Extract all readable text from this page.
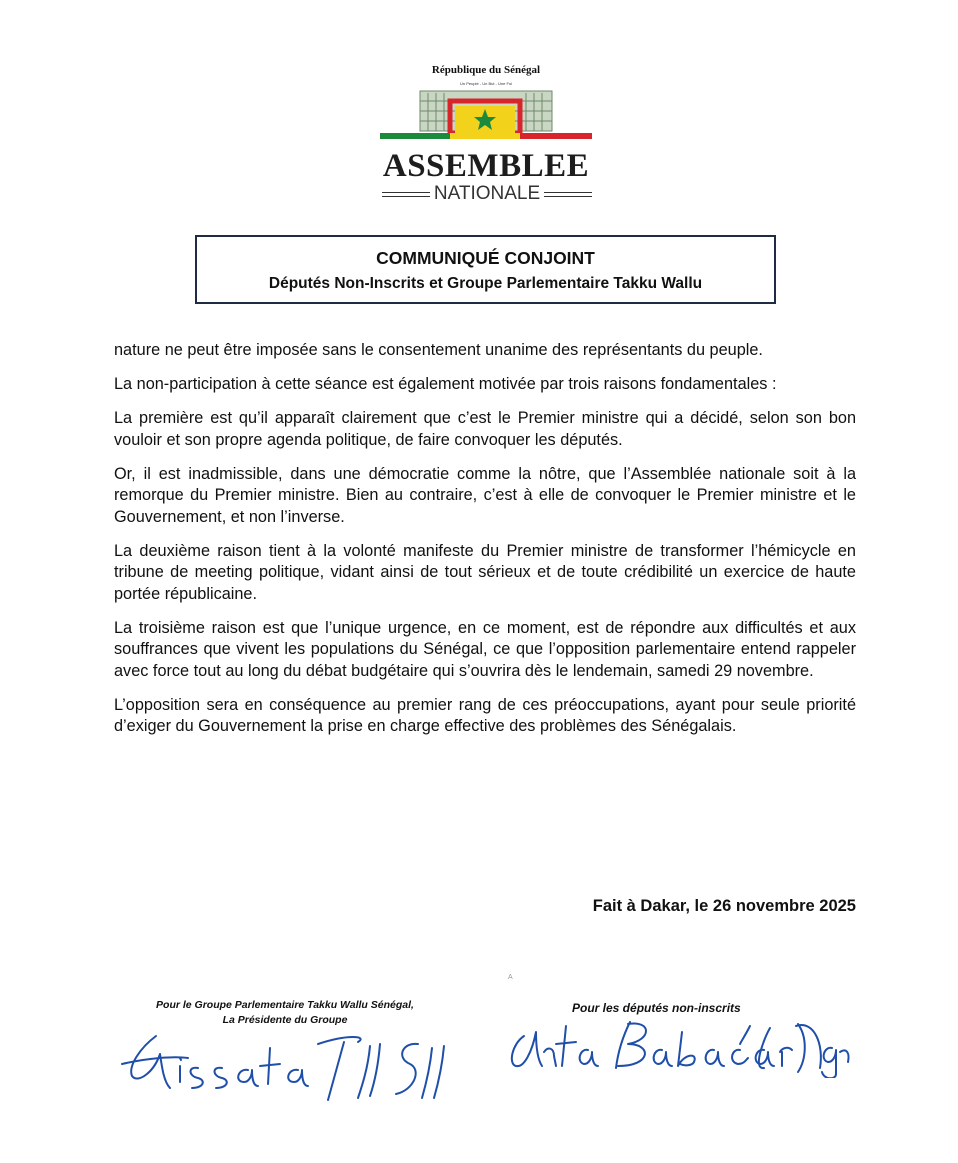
République du Sénégal
Un Peuple - Un But - Une Foi
ASSEMBLEE
NATIONALE
COMMUNIQUÉ CONJOINT
Députés Non-Inscrits et Groupe Parlementaire Takku Wallu

nature ne peut être imposée sans le consentement unanime des représentants du peuple.

La non-participation à cette séance est également motivée par trois raisons fondamentales :

La première est qu’il apparaît clairement que c’est le Premier ministre qui a décidé, selon son bon vouloir et son propre agenda politique, de faire convoquer les députés.

Or, il est inadmissible, dans une démocratie comme la nôtre, que l’Assemblée nationale soit à la remorque du Premier ministre. Bien au contraire, c’est à elle de convoquer le Premier ministre et le Gouvernement, et non l’inverse.

La deuxième raison tient à la volonté manifeste du Premier ministre de transformer l’hémicycle en tribune de meeting politique, vidant ainsi de tout sérieux et de toute crédibilité un exercice de haute portée républicaine.

La troisième raison est que l’unique urgence, en ce moment, est de répondre aux difficultés et aux souffrances que vivent les populations du Sénégal, ce que l’opposition parlementaire entend rappeler avec force tout au long du débat budgétaire qui s’ouvrira dès le lendemain, samedi 29 novembre.

L’opposition sera en conséquence au premier rang de ces préoccupations, ayant pour seule priorité d’exiger du Gouvernement la prise en charge effective des problèmes des Sénégalais.

Fait à Dakar, le 26 novembre 2025
A
Pour le Groupe Parlementaire Takku Wallu Sénégal,
La Présidente du Groupe
Pour les députés non-inscrits
